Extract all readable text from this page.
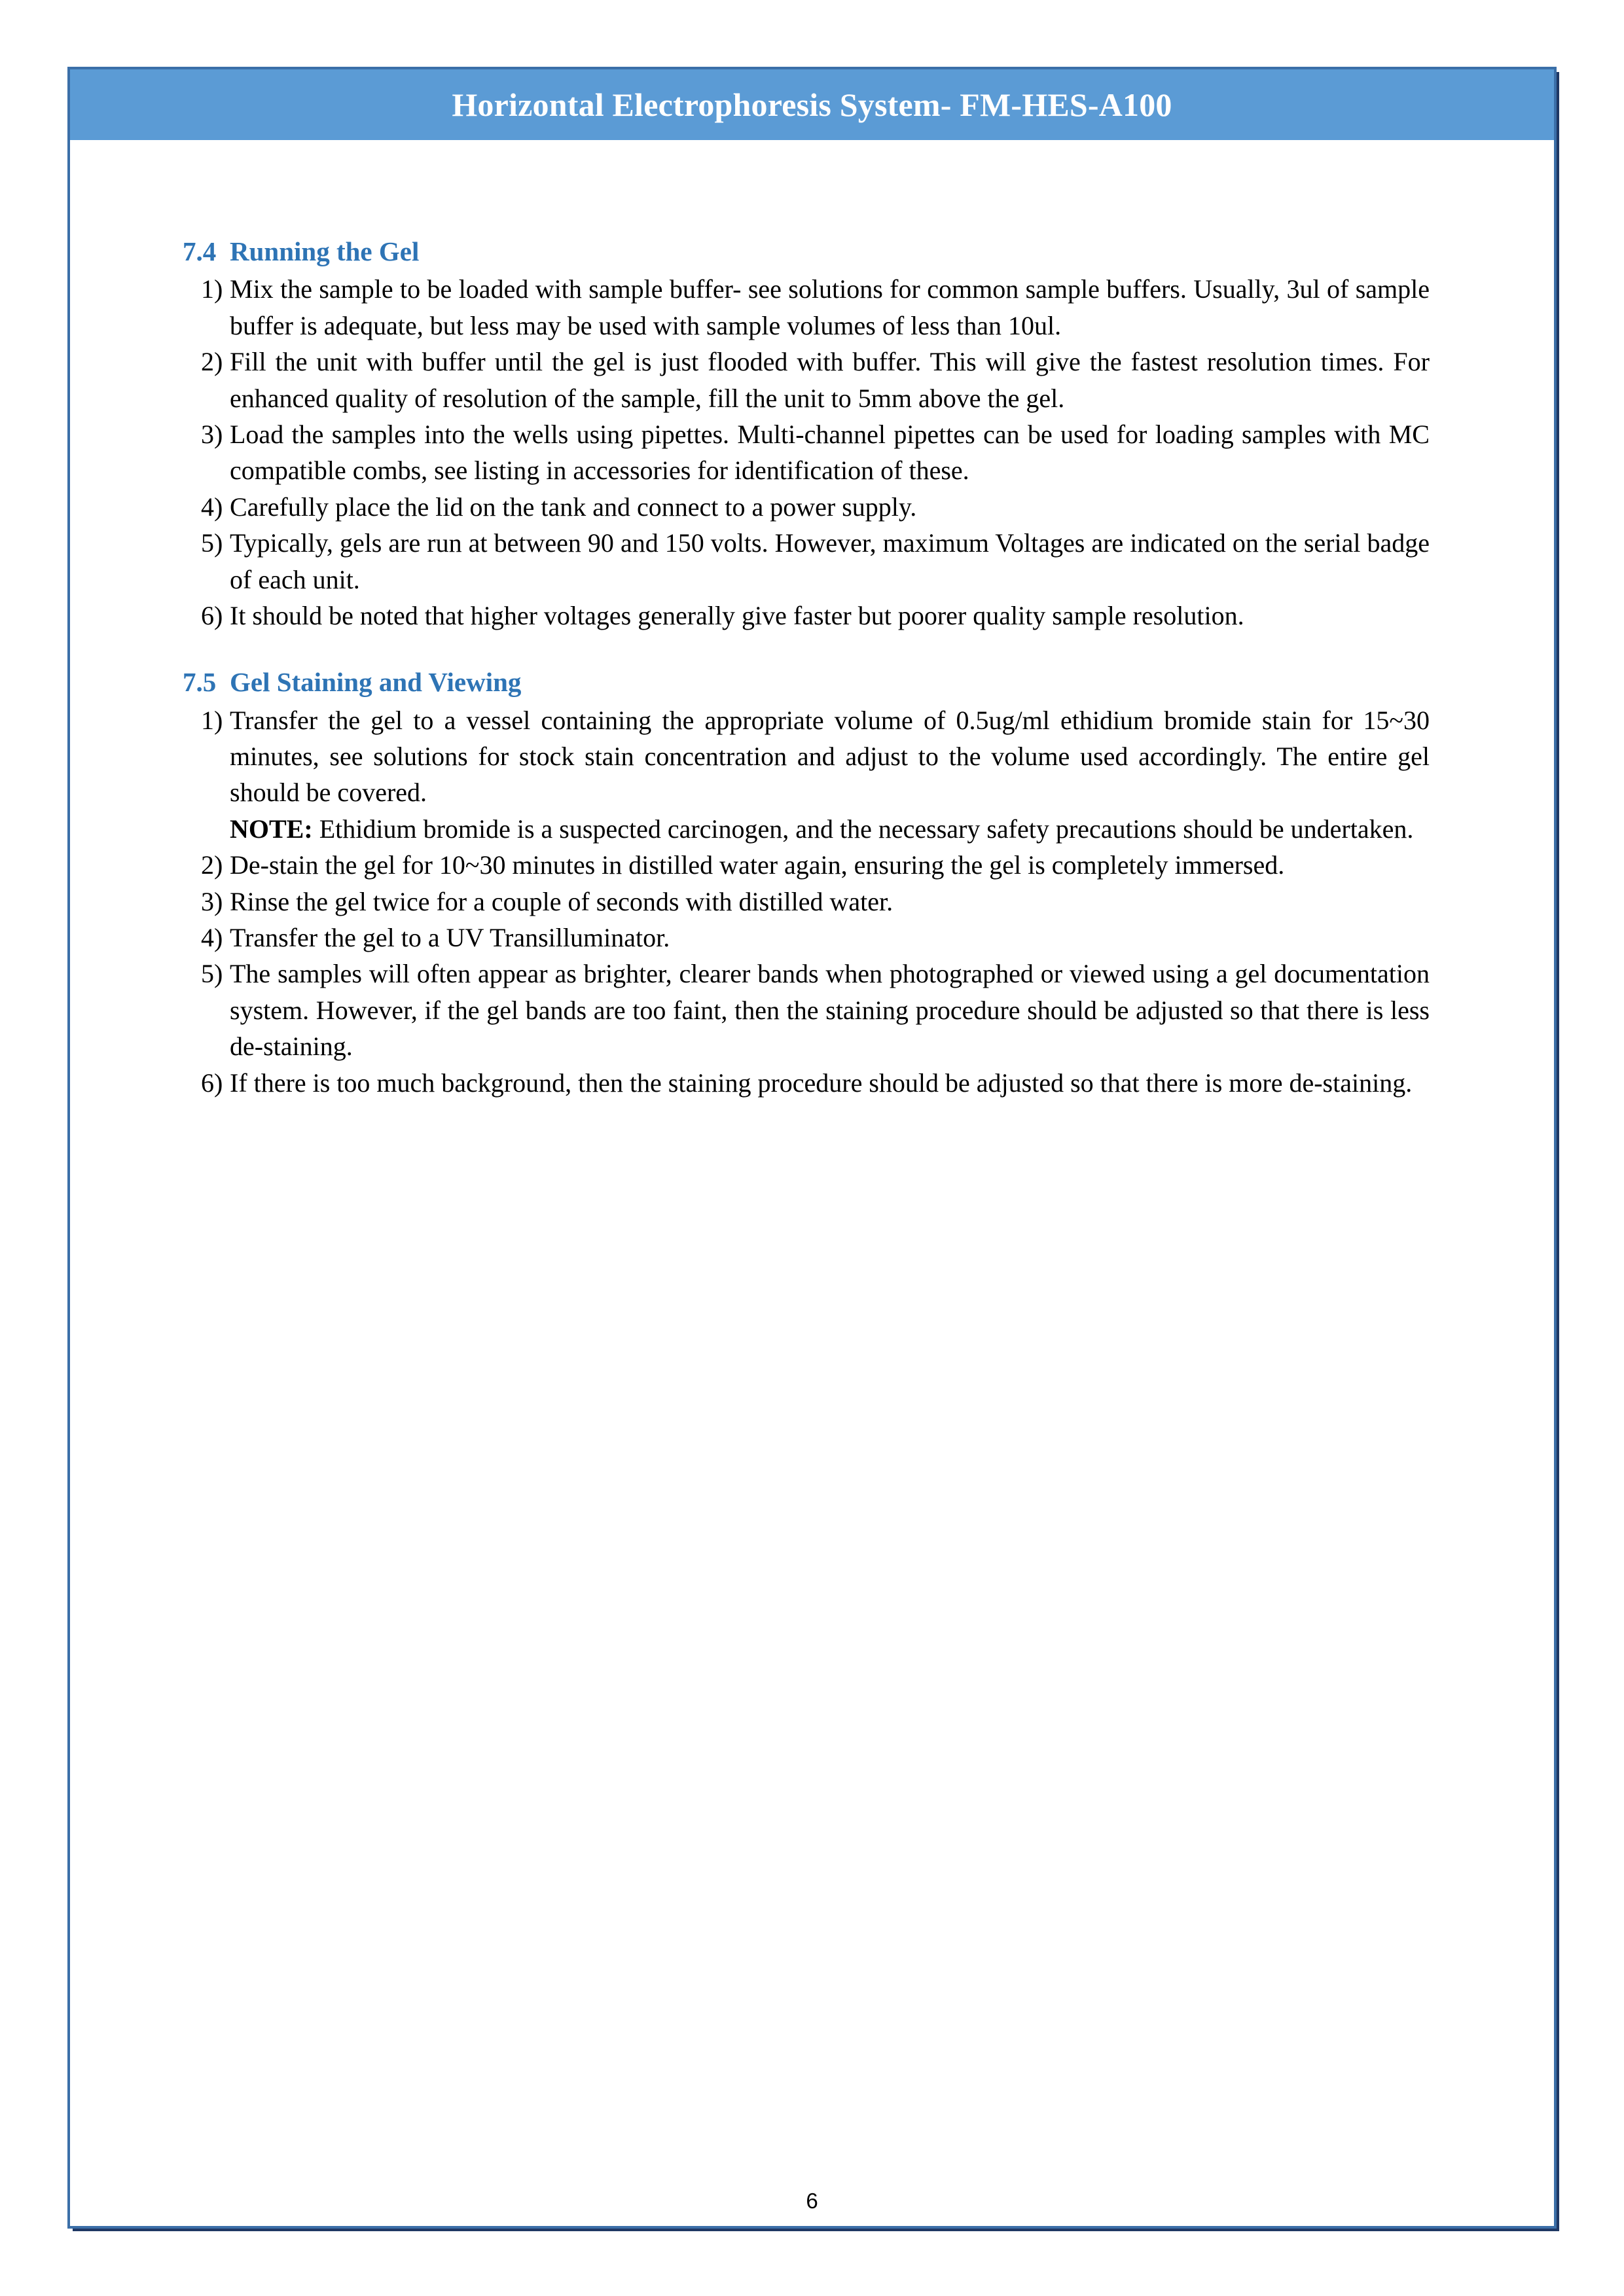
Horizontal Electrophoresis System- FM-HES-A100
7.4 Running the Gel
1) Mix the sample to be loaded with sample buffer- see solutions for common sample buffers. Usually, 3ul of sample buffer is adequate, but less may be used with sample volumes of less than 10ul.
2) Fill the unit with buffer until the gel is just flooded with buffer. This will give the fastest resolution times. For enhanced quality of resolution of the sample, fill the unit to 5mm above the gel.
3) Load the samples into the wells using pipettes. Multi-channel pipettes can be used for loading samples with MC compatible combs, see listing in accessories for identification of these.
4) Carefully place the lid on the tank and connect to a power supply.
5) Typically, gels are run at between 90 and 150 volts. However, maximum Voltages are indicated on the serial badge of each unit.
6) It should be noted that higher voltages generally give faster but poorer quality sample resolution.
7.5 Gel Staining and Viewing
1) Transfer the gel to a vessel containing the appropriate volume of 0.5ug/ml ethidium bromide stain for 15~30 minutes, see solutions for stock stain concentration and adjust to the volume used accordingly. The entire gel should be covered.
NOTE: Ethidium bromide is a suspected carcinogen, and the necessary safety precautions should be undertaken.
2) De-stain the gel for 10~30 minutes in distilled water again, ensuring the gel is completely immersed.
3) Rinse the gel twice for a couple of seconds with distilled water.
4) Transfer the gel to a UV Transilluminator.
5) The samples will often appear as brighter, clearer bands when photographed or viewed using a gel documentation system. However, if the gel bands are too faint, then the staining procedure should be adjusted so that there is less de-staining.
6) If there is too much background, then the staining procedure should be adjusted so that there is more de-staining.
6
